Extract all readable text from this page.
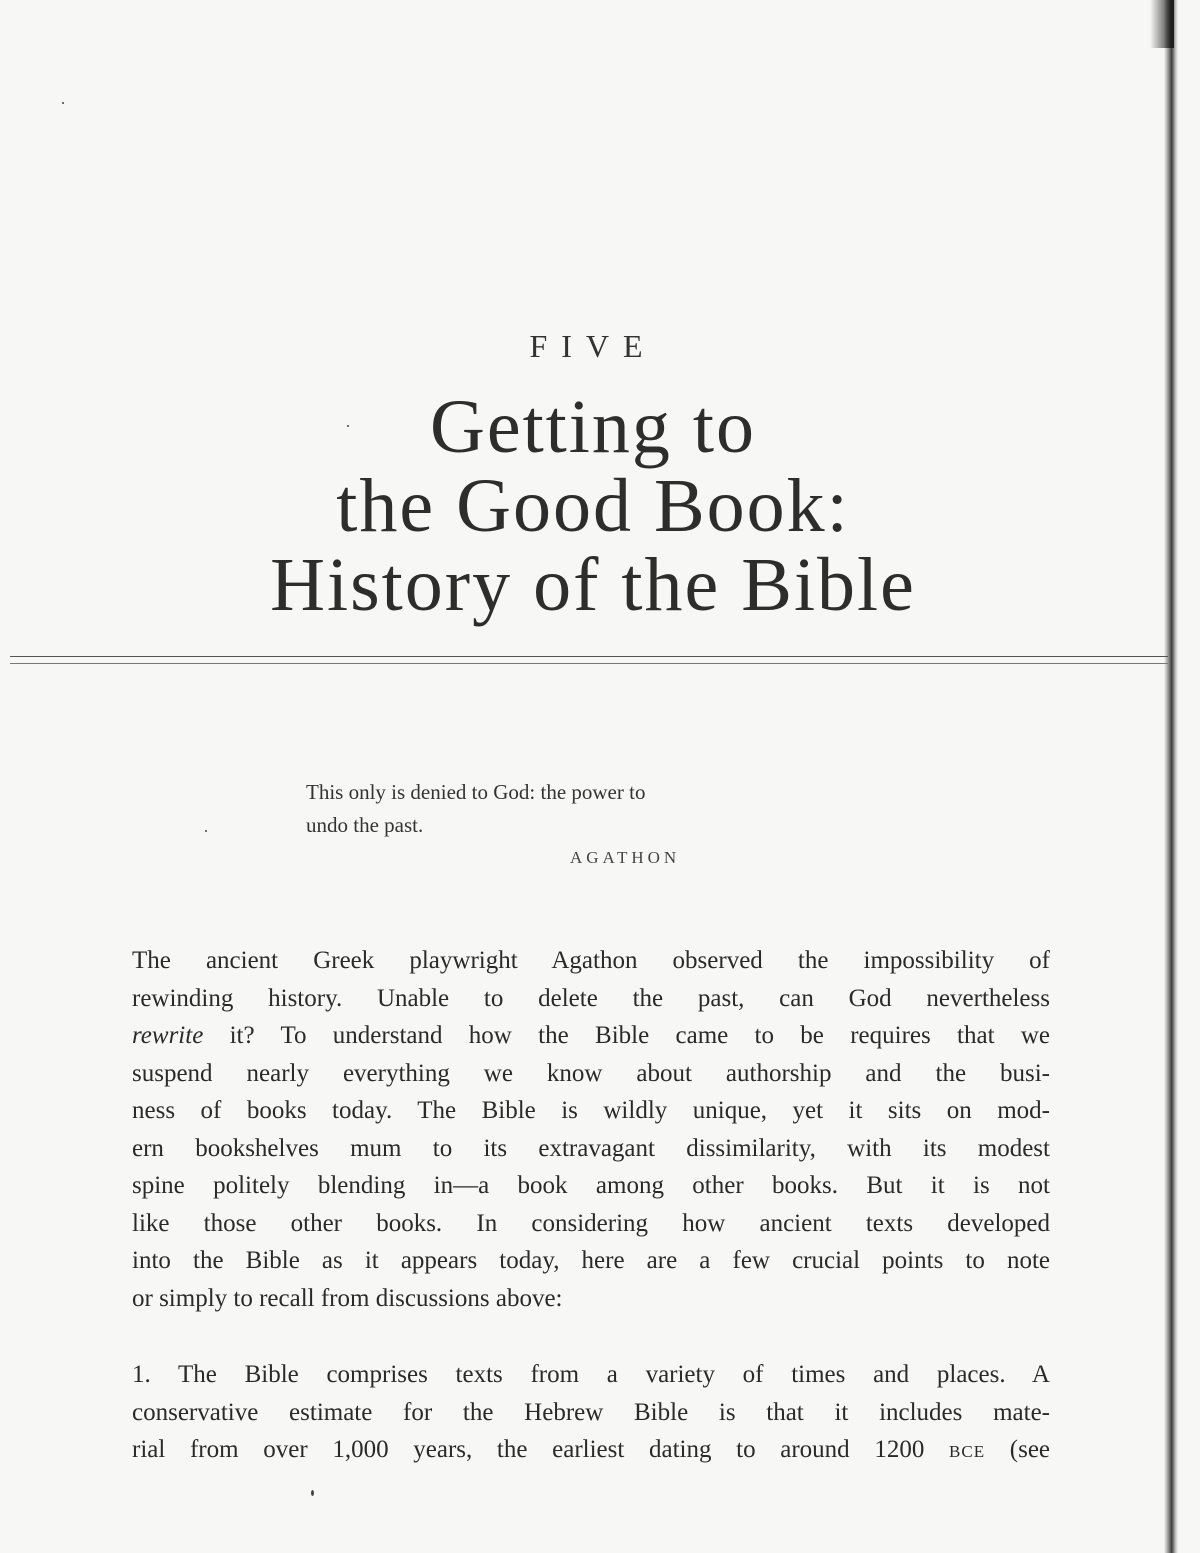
FIVE
Getting to
the Good Book:
History of the Bible
This only is denied to God: the power to
undo the past.
AGATHON
The ancient Greek playwright Agathon observed the impossibility of
rewinding history. Unable to delete the past, can God nevertheless
rewrite it? To understand how the Bible came to be requires that we
suspend nearly everything we know about authorship and the busi-
ness of books today. The Bible is wildly unique, yet it sits on mod-
ern bookshelves mum to its extravagant dissimilarity, with its modest
spine politely blending in—a book among other books. But it is not
like those other books. In considering how ancient texts developed
into the Bible as it appears today, here are a few crucial points to note
or simply to recall from discussions above:
1. The Bible comprises texts from a variety of times and places. A
conservative estimate for the Hebrew Bible is that it includes mate-
rial from over 1,000 years, the earliest dating to around 1200 BCE (see
